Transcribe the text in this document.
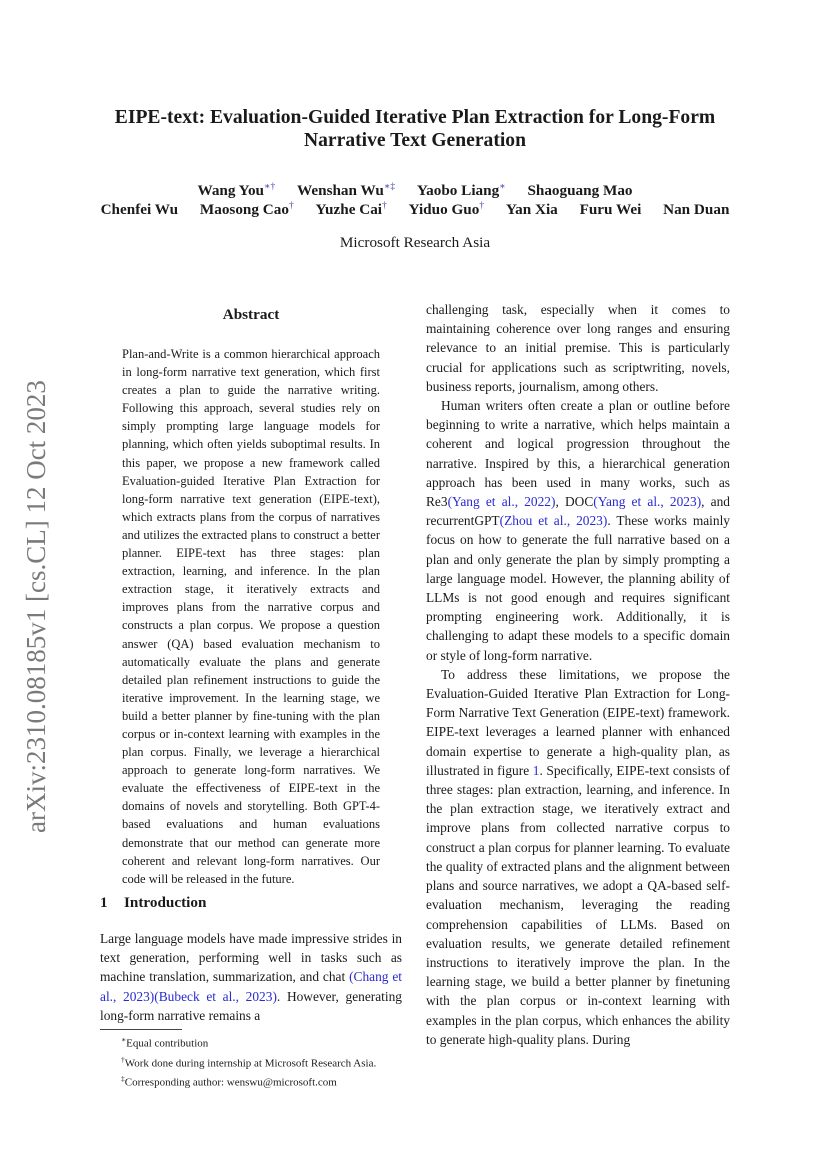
arXiv:2310.08185v1 [cs.CL] 12 Oct 2023
EIPE-text: Evaluation-Guided Iterative Plan Extraction for Long-Form
Narrative Text Generation
Wang You∗† Wenshan Wu∗‡ Yaobo Liang∗ Shaoguang Mao
Chenfei Wu Maosong Cao† Yuzhe Cai† Yiduo Guo† Yan Xia Furu Wei Nan Duan
Microsoft Research Asia
Abstract
Plan-and-Write is a common hierarchical approach in long-form narrative text generation, which first creates a plan to guide the narrative writing. Following this approach, several studies rely on simply prompting large language models for planning, which often yields suboptimal results. In this paper, we propose a new framework called Evaluation-guided Iterative Plan Extraction for long-form narrative text generation (EIPE-text), which extracts plans from the corpus of narratives and utilizes the extracted plans to construct a better planner. EIPE-text has three stages: plan extraction, learning, and inference. In the plan extraction stage, it iteratively extracts and improves plans from the narrative corpus and constructs a plan corpus. We propose a question answer (QA) based evaluation mechanism to automatically evaluate the plans and generate detailed plan refinement instructions to guide the iterative improvement. In the learning stage, we build a better planner by fine-tuning with the plan corpus or in-context learning with examples in the plan corpus. Finally, we leverage a hierarchical approach to generate long-form narratives. We evaluate the effectiveness of EIPE-text in the domains of novels and storytelling. Both GPT-4-based evaluations and human evaluations demonstrate that our method can generate more coherent and relevant long-form narratives. Our code will be released in the future.
1 Introduction
Large language models have made impressive strides in text generation, performing well in tasks such as machine translation, summarization, and chat (Chang et al., 2023)(Bubeck et al., 2023). However, generating long-form narrative remains a
∗Equal contribution
†Work done during internship at Microsoft Research Asia.
‡Corresponding author: wenswu@microsoft.com

challenging task, especially when it comes to maintaining coherence over long ranges and ensuring relevance to an initial premise. This is particularly crucial for applications such as scriptwriting, novels, business reports, journalism, among others.

Human writers often create a plan or outline before beginning to write a narrative, which helps maintain a coherent and logical progression throughout the narrative. Inspired by this, a hierarchical generation approach has been used in many works, such as Re3(Yang et al., 2022), DOC(Yang et al., 2023), and recurrentGPT(Zhou et al., 2023). These works mainly focus on how to generate the full narrative based on a plan and only generate the plan by simply prompting a large language model. However, the planning ability of LLMs is not good enough and requires significant prompting engineering work. Additionally, it is challenging to adapt these models to a specific domain or style of long-form narrative.

To address these limitations, we propose the Evaluation-Guided Iterative Plan Extraction for Long-Form Narrative Text Generation (EIPE-text) framework. EIPE-text leverages a learned planner with enhanced domain expertise to generate a high-quality plan, as illustrated in figure 1. Specifically, EIPE-text consists of three stages: plan extraction, learning, and inference. In the plan extraction stage, we iteratively extract and improve plans from collected narrative corpus to construct a plan corpus for planner learning. To evaluate the quality of extracted plans and the alignment between plans and source narratives, we adopt a QA-based self-evaluation mechanism, leveraging the reading comprehension capabilities of LLMs. Based on evaluation results, we generate detailed refinement instructions to iteratively improve the plan. In the learning stage, we build a better planner by finetuning with the plan corpus or in-context learning with examples in the plan corpus, which enhances the ability to generate high-quality plans. During
